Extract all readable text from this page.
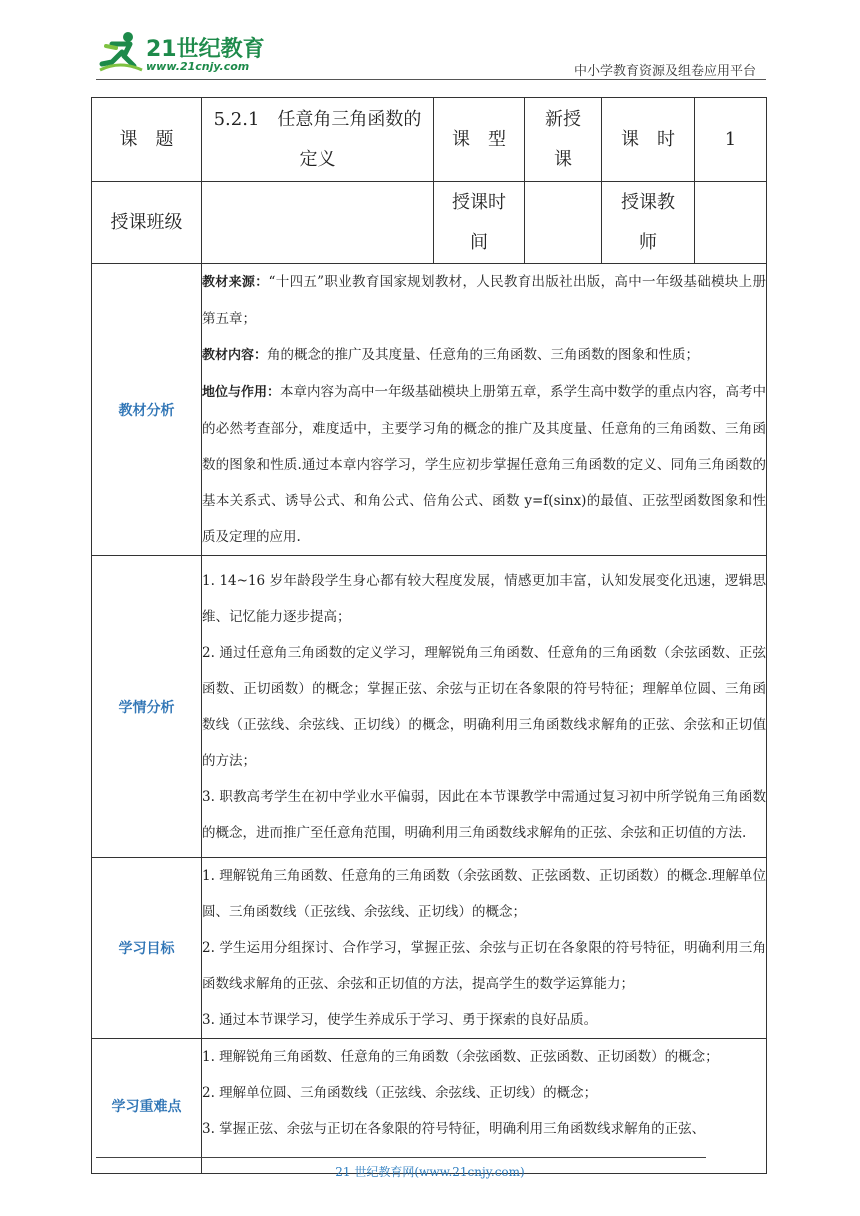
21世纪教育
www.21cnjy.com	中小学教育资源及组卷应用平台
课　题	5.2.1　任意角三角函数的定义	课　型	新授课	课　时	1
授课班级		授课时间		授课教师	
教材分析	教材来源：“十四五”职业教育国家规划教材，人民教育出版社出版，高中一年级基础模块上册第五章；

教材内容：角的概念的推广及其度量、任意角的三角函数、三角函数的图象和性质；

地位与作用：本章内容为高中一年级基础模块上册第五章，系学生高中数学的重点内容，高考中的必然考查部分，难度适中，主要学习角的概念的推广及其度量、任意角的三角函数、三角函数的图象和性质.通过本章内容学习，学生应初步掌握任意角三角函数的定义、同角三角函数的基本关系式、诱导公式、和角公式、倍角公式、函数 y=f(sinx)的最值、正弦型函数图象和性质及定理的应用.				

学情分析	1. 14~16 岁年龄段学生身心都有较大程度发展，情感更加丰富，认知发展变化迅速，逻辑思维、记忆能力逐步提高；

2. 通过任意角三角函数的定义学习，理解锐角三角函数、任意角的三角函数（余弦函数、正弦函数、正切函数）的概念；掌握正弦、余弦与正切在各象限的符号特征；理解单位圆、三角函数线（正弦线、余弦线、正切线）的概念，明确利用三角函数线求解角的正弦、余弦和正切值的方法；

3. 职教高考学生在初中学业水平偏弱，因此在本节课教学中需通过复习初中所学锐角三角函数的概念，进而推广至任意角范围，明确利用三角函数线求解角的正弦、余弦和正切值的方法.				

学习目标	1. 理解锐角三角函数、任意角的三角函数（余弦函数、正弦函数、正切函数）的概念.理解单位圆、三角函数线（正弦线、余弦线、正切线）的概念；

2. 学生运用分组探讨、合作学习，掌握正弦、余弦与正切在各象限的符号特征，明确利用三角函数线求解角的正弦、余弦和正切值的方法，提高学生的数学运算能力；

3. 通过本节课学习，使学生养成乐于学习、勇于探索的良好品质。				

学习重难点	1. 理解锐角三角函数、任意角的三角函数（余弦函数、正弦函数、正切函数）的概念；

2. 理解单位圆、三角函数线（正弦线、余弦线、正切线）的概念；

3. 掌握正弦、余弦与正切在各象限的符号特征，明确利用三角函数线求解角的正弦、				

21 世纪教育网(www.21cnjy.com)
